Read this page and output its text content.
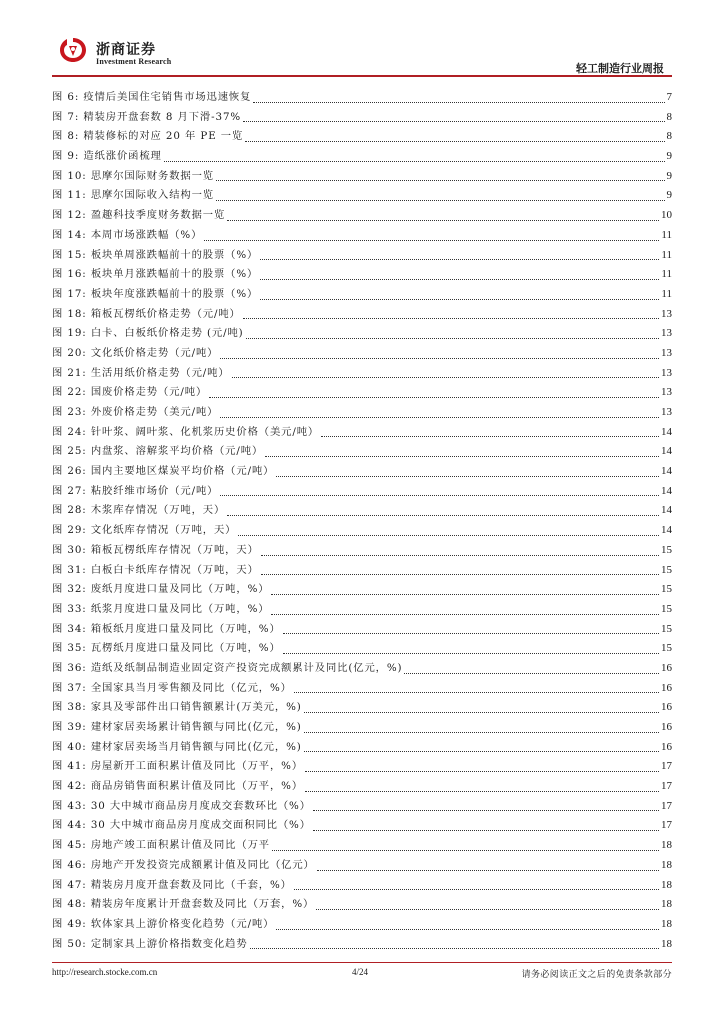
浙商证券
Investment Research
轻工制造行业周报
图 6: 疫情后美国住宅销售市场迅速恢复	7
图 7: 精装房开盘套数 8 月下滑-37%	8
图 8: 精装修标的对应 20 年 PE 一览	8
图 9: 造纸涨价函梳理	9
图 10: 思摩尔国际财务数据一览	9
图 11: 思摩尔国际收入结构一览	9
图 12: 盈趣科技季度财务数据一览	10
图 14: 本周市场涨跌幅（%）	11
图 15: 板块单周涨跌幅前十的股票（%）	11
图 16: 板块单月涨跌幅前十的股票（%）	11
图 17: 板块年度涨跌幅前十的股票（%）	11
图 18: 箱板瓦楞纸价格走势（元/吨）	13
图 19: 白卡、白板纸价格走势 (元/吨)	13
图 20: 文化纸价格走势（元/吨）	13
图 21: 生活用纸价格走势（元/吨）	13
图 22: 国废价格走势（元/吨）	13
图 23: 外废价格走势（美元/吨）	13
图 24: 针叶浆、阔叶浆、化机浆历史价格（美元/吨）	14
图 25: 内盘浆、溶解浆平均价格（元/吨）	14
图 26: 国内主要地区煤炭平均价格（元/吨）	14
图 27: 粘胶纤维市场价（元/吨）	14
图 28: 木浆库存情况（万吨，天）	14
图 29: 文化纸库存情况（万吨，天）	14
图 30: 箱板瓦楞纸库存情况（万吨，天）	15
图 31: 白板白卡纸库存情况（万吨，天）	15
图 32: 废纸月度进口量及同比（万吨，%）	15
图 33: 纸浆月度进口量及同比（万吨，%）	15
图 34: 箱板纸月度进口量及同比（万吨，%）	15
图 35: 瓦楞纸月度进口量及同比（万吨，%）	15
图 36: 造纸及纸制品制造业固定资产投资完成额累计及同比(亿元，%)	16
图 37: 全国家具当月零售额及同比（亿元，%）	16
图 38: 家具及零部件出口销售额累计(万美元，%)	16
图 39: 建材家居卖场累计销售额与同比(亿元，%)	16
图 40: 建材家居卖场当月销售额与同比(亿元，%)	16
图 41: 房屋新开工面积累计值及同比（万平，%）	17
图 42: 商品房销售面积累计值及同比（万平，%）	17
图 43: 30 大中城市商品房月度成交套数环比（%）	17
图 44: 30 大中城市商品房月度成交面积同比（%）	17
图 45: 房地产竣工面积累计值及同比（万平	18
图 46: 房地产开发投资完成额累计值及同比（亿元）	18
图 47: 精装房月度开盘套数及同比（千套，%）	18
图 48: 精装房年度累计开盘套数及同比（万套，%）	18
图 49: 软体家具上游价格变化趋势（元/吨）	18
图 50: 定制家具上游价格指数变化趋势	18
http://research.stocke.com.cn	4/24	请务必阅读正文之后的免责条款部分
